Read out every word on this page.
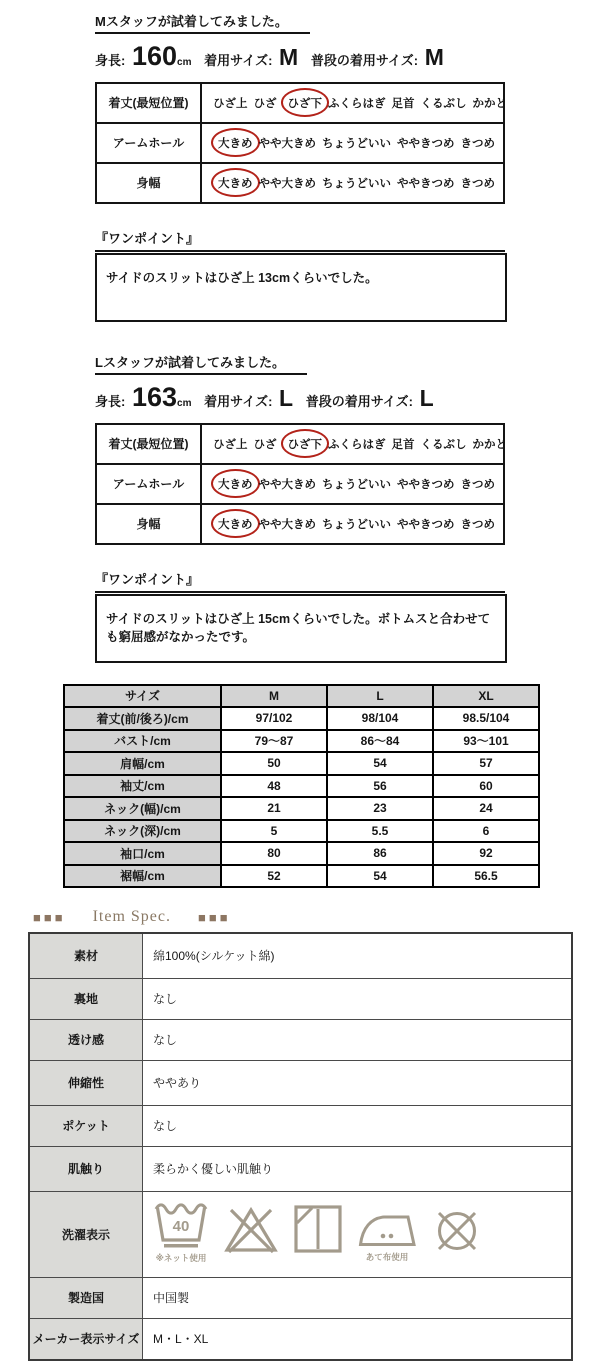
Mスタッフが試着してみました。
身長: 160cm 着用サイズ: M 普段の着用サイズ: M
着丈(最短位置)	ひざ上 ひざ ひざ下 ふくらはぎ 足首 くるぶし かかと
アームホール	大きめ やや大きめ ちょうどいい ややきつめ きつめ
身幅	大きめ やや大きめ ちょうどいい ややきつめ きつめ
『ワンポイント』
サイドのスリットはひざ上 13cmくらいでした。
Lスタッフが試着してみました。
身長: 163cm 着用サイズ: L 普段の着用サイズ: L
着丈(最短位置)	ひざ上 ひざ ひざ下 ふくらはぎ 足首 くるぶし かかと
アームホール	大きめ やや大きめ ちょうどいい ややきつめ きつめ
身幅	大きめ やや大きめ ちょうどいい ややきつめ きつめ
『ワンポイント』
サイドのスリットはひざ上 15cmくらいでした。ボトムスと合わせても窮屈感がなかったです。
サイズ	M	L	XL
着丈(前/後ろ)/cm	97/102	98/104	98.5/104
バスト/cm	79～87	86～84	93～101
肩幅/cm	50	54	57
袖丈/cm	48	56	60
ネック(幅)/cm	21	23	24
ネック(深)/cm	5	5.5	6
袖口/cm	80	86	92
裾幅/cm	52	54	56.5
■■■ Item Spec. ■■■
素材	綿100%(シルケット綿)
裏地	なし
透け感	なし
伸縮性	ややあり
ポケット	なし
肌触り	柔らかく優しい肌触り
洗濯表示	40
※ネット使用 あて布使用

製造国	中国製
メーカー表示サイズ	M・L・XL
